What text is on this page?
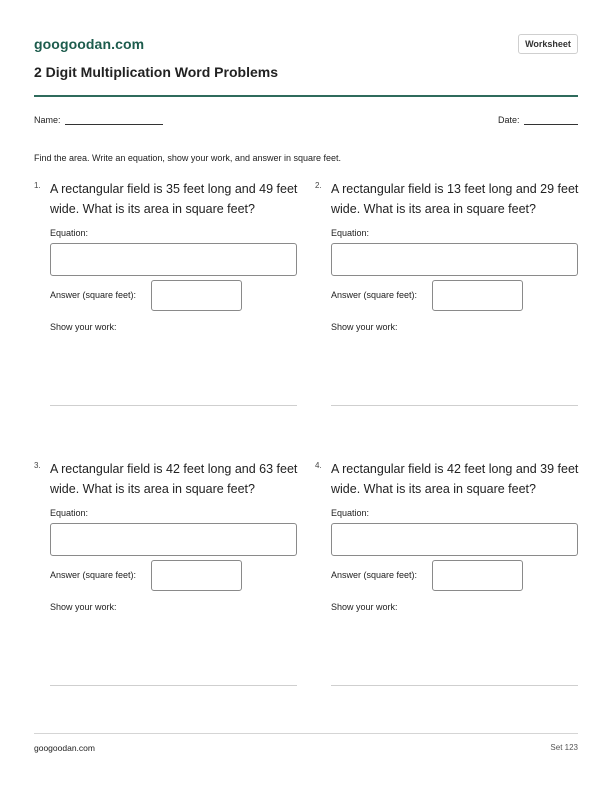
googoodan.com	Worksheet
2 Digit Multiplication Word Problems
Name:	Date:
Find the area. Write an equation, show your work, and answer in square feet.
1. A rectangular field is 35 feet long and 49 feet wide. What is its area in square feet?
Equation:
Answer (square feet):
Show your work:
2. A rectangular field is 13 feet long and 29 feet wide. What is its area in square feet?
Equation:
Answer (square feet):
Show your work:
3. A rectangular field is 42 feet long and 63 feet wide. What is its area in square feet?
Equation:
Answer (square feet):
Show your work:
4. A rectangular field is 42 feet long and 39 feet wide. What is its area in square feet?
Equation:
Answer (square feet):
Show your work:
googoodan.com	Set 123
